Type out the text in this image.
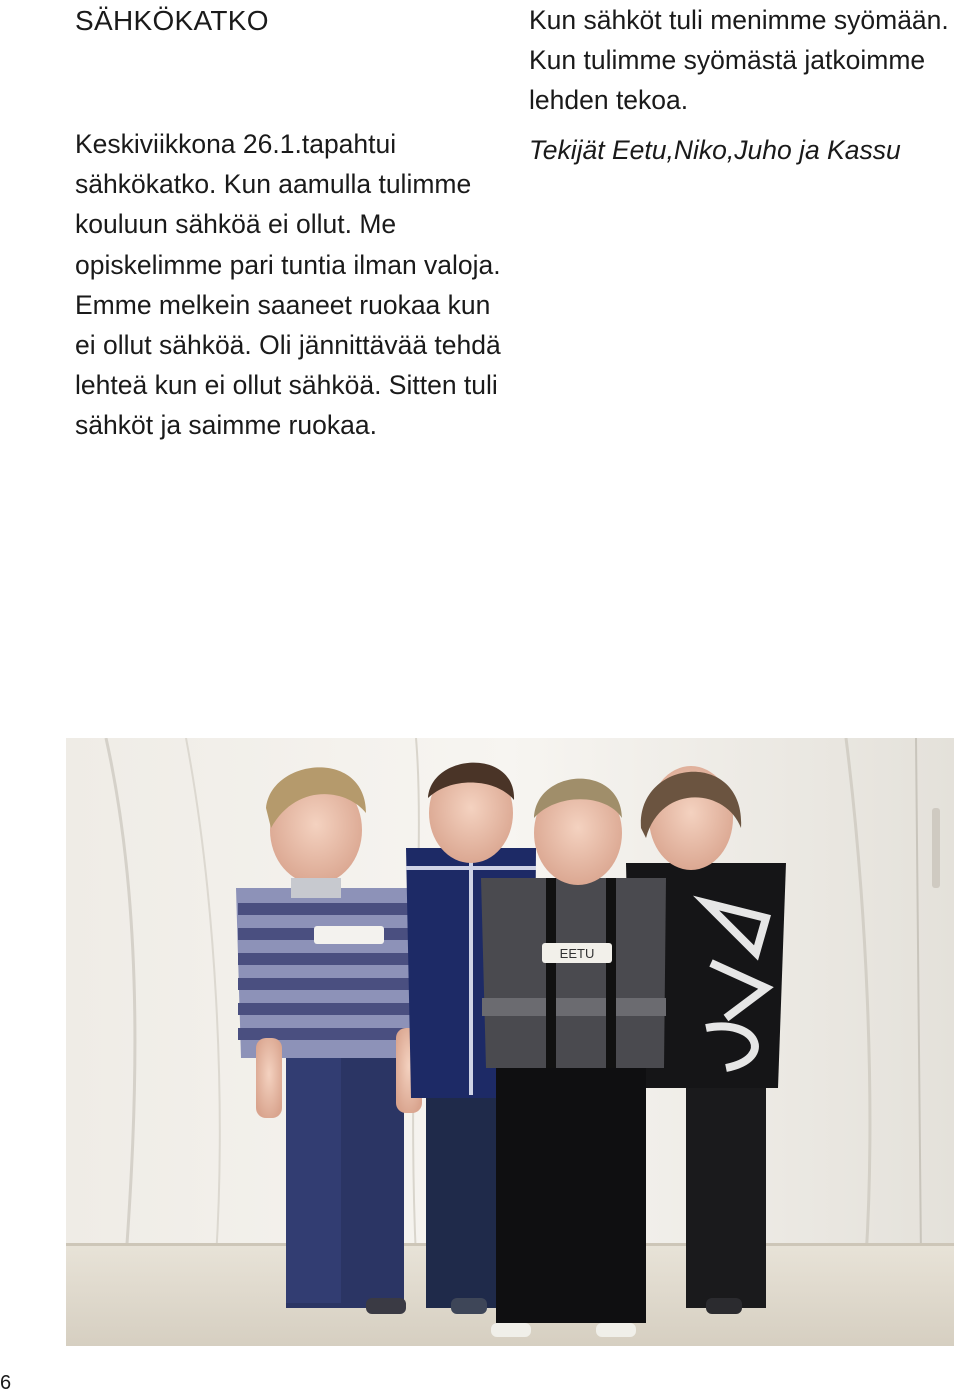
SÄHKÖKATKO

Keskiviikkona 26.1.tapahtui sähkökatko. Kun aamulla tulimme kouluun sähköä ei ollut. Me opiskelimme pari tuntia ilman valoja. Emme melkein saaneet ruokaa kun ei ollut sähköä. Oli jännittävää tehdä lehteä kun ei ollut sähköä. Sitten tuli sähköt ja saimme ruokaa.

Kun sähköt tuli menimme syömään. Kun tulimme syömästä jatkoimme lehden tekoa.

Tekijät Eetu,Niko,Juho ja Kassu

EETU
6
